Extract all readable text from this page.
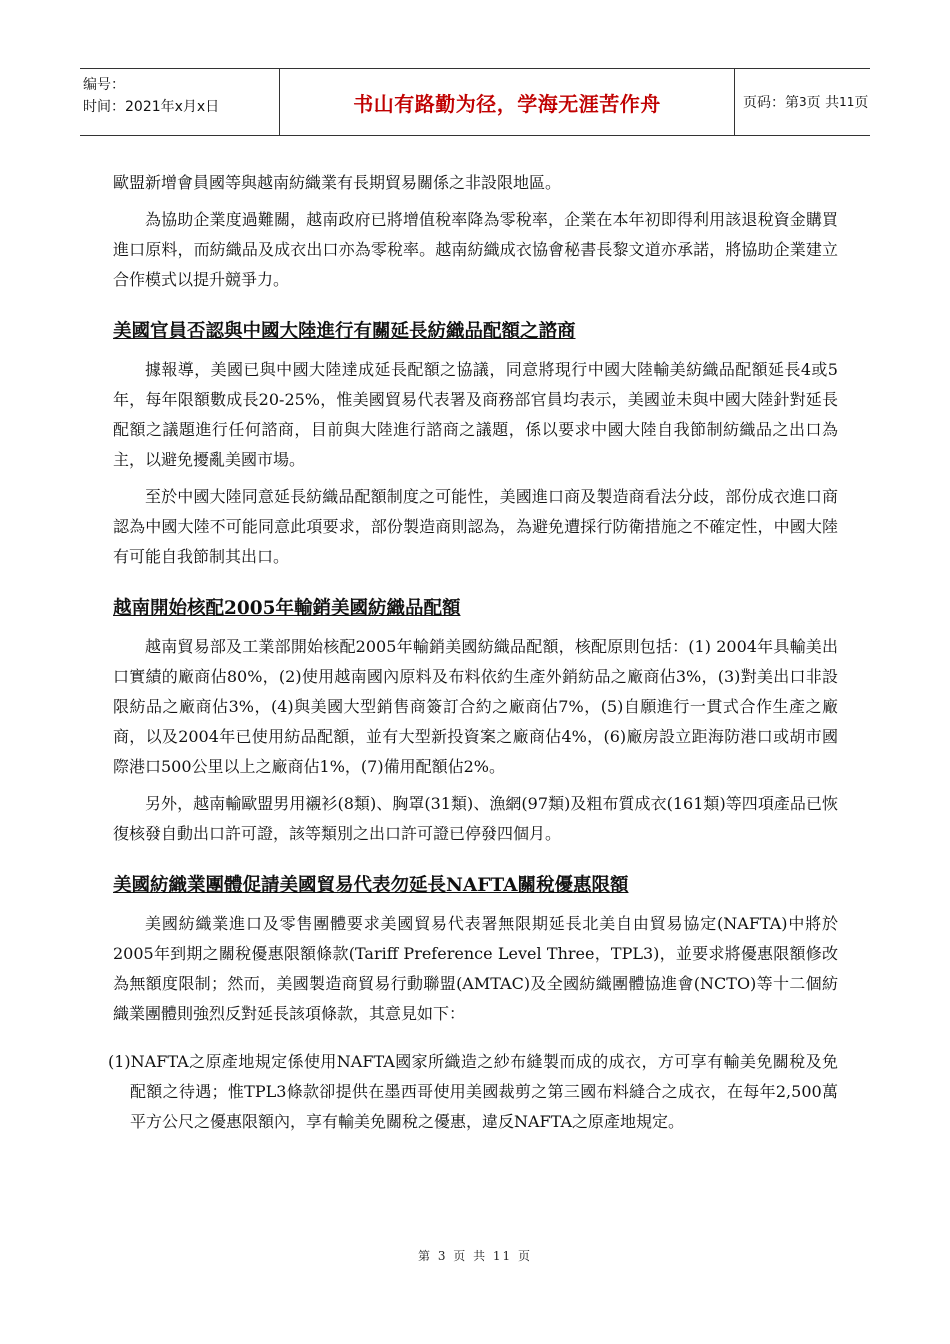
编号：
时间：2021年x月x日	书山有路勤为径，学海无涯苦作舟	页码：第 3 页 共 11 页

歐盟新增會員國等與越南紡織業有長期貿易關係之非設限地區。

為協助企業度過難關，越南政府已將增值稅率降為零稅率，企業在本年初即得利用該退稅資金購買進口原料，而紡織品及成衣出口亦為零稅率。越南紡織成衣協會秘書長黎文道亦承諾，將協助企業建立合作模式以提升競爭力。

美國官員否認與中國大陸進行有關延長紡織品配額之諮商

據報導，美國已與中國大陸達成延長配額之協議，同意將現行中國大陸輸美紡織品配額延長4或5年，每年限額數成長20-25%，惟美國貿易代表署及商務部官員均表示，美國並未與中國大陸針對延長配額之議題進行任何諮商，目前與大陸進行諮商之議題，係以要求中國大陸自我節制紡織品之出口為主，以避免擾亂美國市場。

至於中國大陸同意延長紡織品配額制度之可能性，美國進口商及製造商看法分歧，部份成衣進口商認為中國大陸不可能同意此項要求，部份製造商則認為，為避免遭採行防衛措施之不確定性，中國大陸有可能自我節制其出口。

越南開始核配2005年輸銷美國紡織品配額

越南貿易部及工業部開始核配2005年輸銷美國紡織品配額，核配原則包括：(1) 2004年具輸美出口實績的廠商佔80%，(2)使用越南國內原料及布料依約生產外銷紡品之廠商佔3%，(3)對美出口非設限紡品之廠商佔3%，(4)與美國大型銷售商簽訂合約之廠商佔7%，(5)自願進行一貫式合作生產之廠商，以及2004年已使用紡品配額，並有大型新投資案之廠商佔4%，(6)廠房設立距海防港口或胡市國際港口500公里以上之廠商佔1%，(7)備用配額佔2%。

另外，越南輸歐盟男用襯衫(8類)、胸罩(31類)、漁網(97類)及粗布質成衣(161類)等四項產品已恢復核發自動出口許可證，該等類別之出口許可證已停發四個月。

美國紡織業團體促請美國貿易代表勿延長NAFTA關稅優惠限額

美國紡織業進口及零售團體要求美國貿易代表署無限期延長北美自由貿易協定(NAFTA)中將於2005年到期之關稅優惠限額條款(Tariff Preference Level Three，TPL3)，並要求將優惠限額修改為無額度限制；然而，美國製造商貿易行動聯盟(AMTAC)及全國紡織團體協進會(NCTO)等十二個紡織業團體則強烈反對延長該項條款，其意見如下：

(1)NAFTA之原產地規定係使用NAFTA國家所織造之紗布縫製而成的成衣，方可享有輸美免關稅及免配額之待遇；惟TPL3條款卻提供在墨西哥使用美國裁剪之第三國布料縫合之成衣，在每年2,500萬平方公尺之優惠限額內，享有輸美免關稅之優惠，違反NAFTA之原產地規定。

第 3 页 共 11 页
